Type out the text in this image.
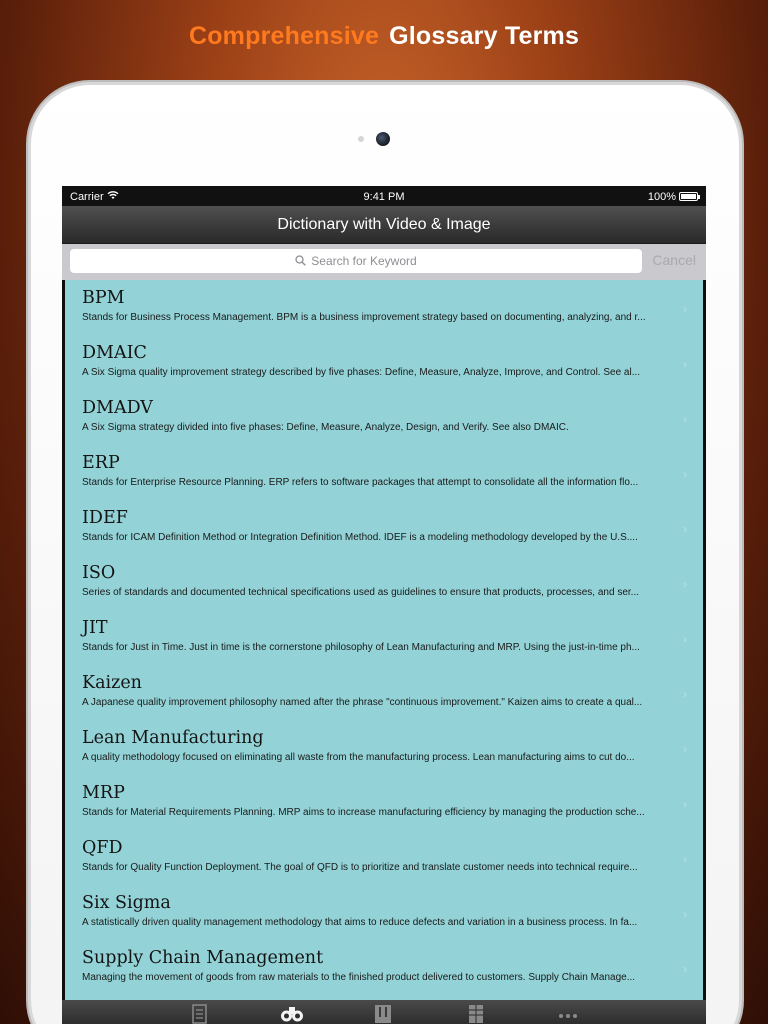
Comprehensive Glossary Terms
Carrier	9:41 PM	100%
Dictionary with Video & Image
Search for Keyword	Cancel
BPM
Stands for Business Process Management. BPM is a business improvement strategy based on documenting, analyzing, and r...
›
DMAIC
A Six Sigma quality improvement strategy described by five phases: Define, Measure, Analyze, Improve, and Control. See al...
›
DMADV
A Six Sigma strategy divided into five phases: Define, Measure, Analyze, Design, and Verify. See also DMAIC.
›
ERP
Stands for Enterprise Resource Planning. ERP refers to software packages that attempt to consolidate all the information flo...
›
IDEF
Stands for ICAM Definition Method or Integration Definition Method. IDEF is a modeling methodology developed by the U.S....
›
ISO
Series of standards and documented technical specifications used as guidelines to ensure that products, processes, and ser...
›
JIT
Stands for Just in Time. Just in time is the cornerstone philosophy of Lean Manufacturing and MRP. Using the just-in-time ph...
›
Kaizen
A Japanese quality improvement philosophy named after the phrase "continuous improvement." Kaizen aims to create a qual...
›
Lean Manufacturing
A quality methodology focused on eliminating all waste from the manufacturing process. Lean manufacturing aims to cut do...
›
MRP
Stands for Material Requirements Planning. MRP aims to increase manufacturing efficiency by managing the production sche...
›
QFD
Stands for Quality Function Deployment. The goal of QFD is to prioritize and translate customer needs into technical require...
›
Six Sigma
A statistically driven quality management methodology that aims to reduce defects and variation in a business process. In fa...
›
Supply Chain Management
Managing the movement of goods from raw materials to the finished product delivered to customers. Supply Chain Manage...
›
